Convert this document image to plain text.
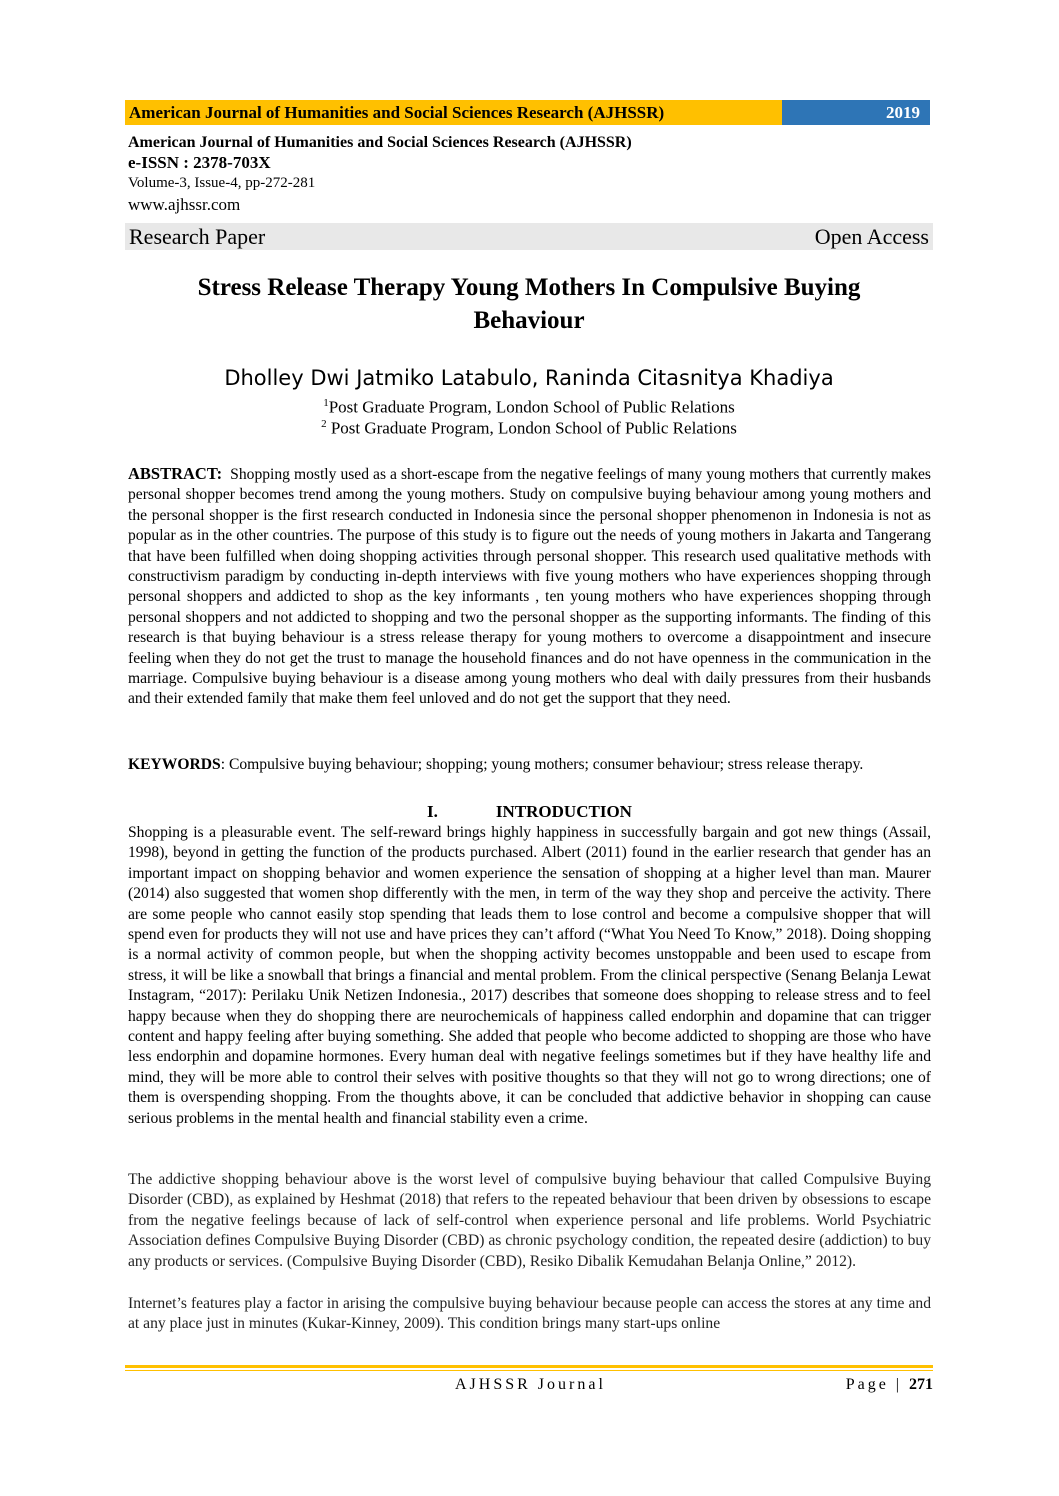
American Journal of Humanities and Social Sciences Research (AJHSSR)	2019
American Journal of Humanities and Social Sciences Research (AJHSSR)
e-ISSN : 2378-703X
Volume-3, Issue-4, pp-272-281
www.ajhssr.com
Research Paper	Open Access
Stress Release Therapy Young Mothers In Compulsive Buying
Behaviour
Dholley Dwi Jatmiko Latabulo, Raninda Citasnitya Khadiya
$^1$Post Graduate Program, London School of Public Relations
$^2$ Post Graduate Program, London School of Public Relations
ABSTRACT: Shopping mostly used as a short-escape from the negative feelings of many young mothers that currently makes personal shopper becomes trend among the young mothers. Study on compulsive buying behaviour among young mothers and the personal shopper is the first research conducted in Indonesia since the personal shopper phenomenon in Indonesia is not as popular as in the other countries. The purpose of this study is to figure out the needs of young mothers in Jakarta and Tangerang that have been fulfilled when doing shopping activities through personal shopper. This research used qualitative methods with constructivism paradigm by conducting in-depth interviews with five young mothers who have experiences shopping through personal shoppers and addicted to shop as the key informants , ten young mothers who have experiences shopping through personal shoppers and not addicted to shopping and two the personal shopper as the supporting informants. The finding of this research is that buying behaviour is a stress release therapy for young mothers to overcome a disappointment and insecure feeling when they do not get the trust to manage the household finances and do not have openness in the communication in the marriage. Compulsive buying behaviour is a disease among young mothers who deal with daily pressures from their husbands and their extended family that make them feel unloved and do not get the support that they need.
KEYWORDS: Compulsive buying behaviour; shopping; young mothers; consumer behaviour; stress release therapy.
I.	INTRODUCTION

Shopping is a pleasurable event. The self-reward brings highly happiness in successfully bargain and got new things (Assail, 1998), beyond in getting the function of the products purchased. Albert (2011) found in the earlier research that gender has an important impact on shopping behavior and women experience the sensation of shopping at a higher level than man. Maurer (2014) also suggested that women shop differently with the men, in term of the way they shop and perceive the activity. There are some people who cannot easily stop spending that leads them to lose control and become a compulsive shopper that will spend even for products they will not use and have prices they can’t afford (“What You Need To Know,” 2018). Doing shopping is a normal activity of common people, but when the shopping activity becomes unstoppable and been used to escape from stress, it will be like a snowball that brings a financial and mental problem. From the clinical perspective (Senang Belanja Lewat Instagram, “2017): Perilaku Unik Netizen Indonesia., 2017) describes that someone does shopping to release stress and to feel happy because when they do shopping there are neurochemicals of happiness called endorphin and dopamine that can trigger content and happy feeling after buying something. She added that people who become addicted to shopping are those who have less endorphin and dopamine hormones. Every human deal with negative feelings sometimes but if they have healthy life and mind, they will be more able to control their selves with positive thoughts so that they will not go to wrong directions; one of them is overspending shopping. From the thoughts above, it can be concluded that addictive behavior in shopping can cause serious problems in the mental health and financial stability even a crime.

The addictive shopping behaviour above is the worst level of compulsive buying behaviour that called Compulsive Buying Disorder (CBD), as explained by Heshmat (2018) that refers to the repeated behaviour that been driven by obsessions to escape from the negative feelings because of lack of self-control when experience personal and life problems. World Psychiatric Association defines Compulsive Buying Disorder (CBD) as chronic psychology condition, the repeated desire (addiction) to buy any products or services. (Compulsive Buying Disorder (CBD), Resiko Dibalik Kemudahan Belanja Online,” 2012).

Internet’s features play a factor in arising the compulsive buying behaviour because people can access the stores at any time and at any place just in minutes (Kukar-Kinney, 2009). This condition brings many start-ups online

AJHSSR Journal	Page | 271
